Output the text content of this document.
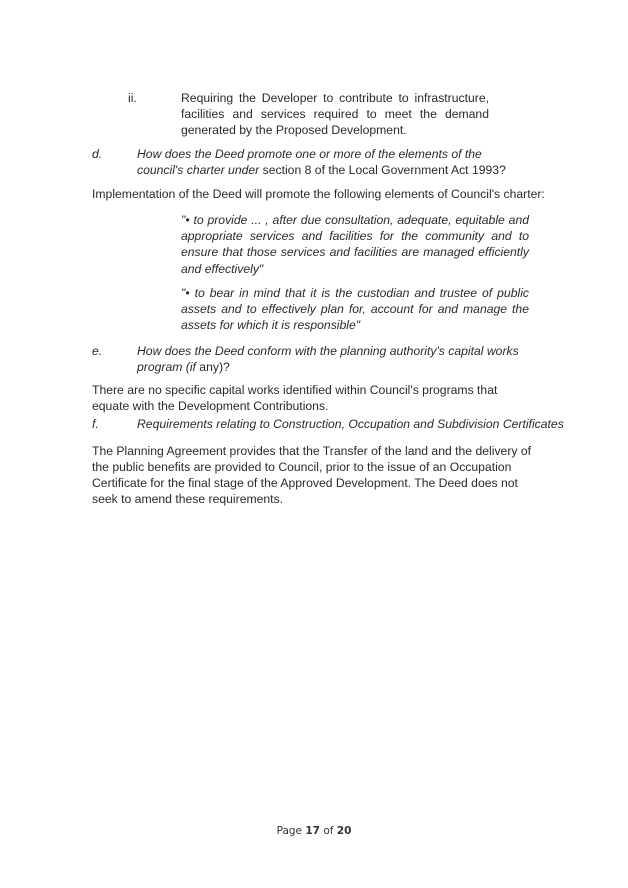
ii.	Requiring the Developer to contribute to infrastructure, facilities and services required to meet the demand generated by the Proposed Development.
d.	How does the Deed promote one or more of the elements of the council's charter under section 8 of the Local Government Act 1993?
Implementation of the Deed will promote the following elements of Council's charter:
"• to provide ... , after due consultation, adequate, equitable and appropriate services and facilities for the community and to ensure that those services and facilities are managed efficiently and effectively"
"• to bear in mind that it is the custodian and trustee of public assets and to effectively plan for, account for and manage the assets for which it is responsible"
e.	How does the Deed conform with the planning authority's capital works program (if any)?
There are no specific capital works identified within Council's programs that equate with the Development Contributions.
f.	Requirements relating to Construction, Occupation and Subdivision Certificates
The Planning Agreement provides that the Transfer of the land and the delivery of the public benefits are provided to Council, prior to the issue of an Occupation Certificate for the final stage of the Approved Development. The Deed does not seek to amend these requirements.
Page 17 of 20
